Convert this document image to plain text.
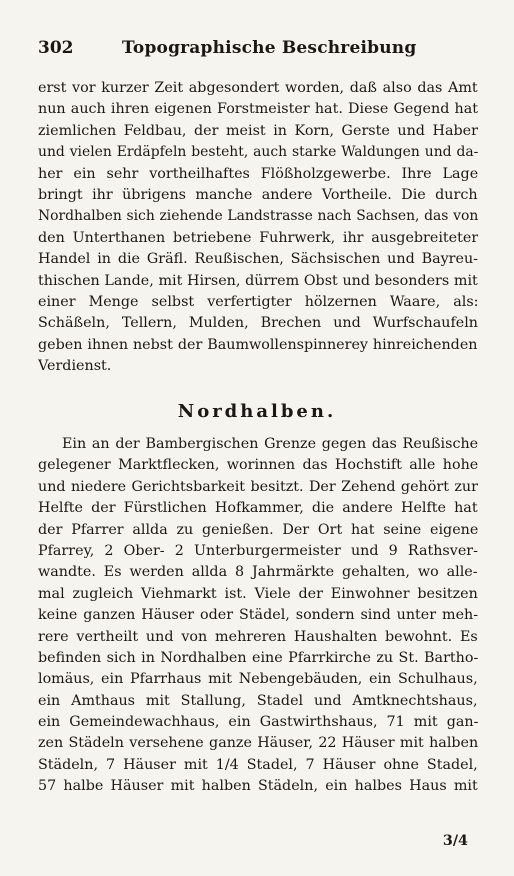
302	Topographische Beschreibung
erst vor kurzer Zeit abgesondert worden, daß also das Amt
nun auch ihren eigenen Forstmeister hat. Diese Gegend hat
ziemlichen Feldbau, der meist in Korn, Gerste und Haber
und vielen Erdäpfeln besteht, auch starke Waldungen und da-
her ein sehr vortheilhaftes Flößholzgewerbe. Ihre Lage
bringt ihr übrigens manche andere Vortheile. Die durch
Nordhalben sich ziehende Landstrasse nach Sachsen, das von
den Unterthanen betriebene Fuhrwerk, ihr ausgebreiteter
Handel in die Gräfl. Reußischen, Sächsischen und Bayreu-
thischen Lande, mit Hirsen, dürrem Obst und besonders mit
einer Menge selbst verfertigter hölzernen Waare, als:
Schäßeln, Tellern, Mulden, Brechen und Wurfschaufeln
geben ihnen nebst der Baumwollenspinnerey hinreichenden
Verdienst.
Nordhalben.
Ein an der Bambergischen Grenze gegen das Reußische
gelegener Marktflecken, worinnen das Hochstift alle hohe
und niedere Gerichtsbarkeit besitzt. Der Zehend gehört zur
Helfte der Fürstlichen Hofkammer, die andere Helfte hat
der Pfarrer allda zu genießen. Der Ort hat seine eigene
Pfarrey, 2 Ober- 2 Unterburgermeister und 9 Rathsver-
wandte. Es werden allda 8 Jahrmärkte gehalten, wo alle-
mal zugleich Viehmarkt ist. Viele der Einwohner besitzen
keine ganzen Häuser oder Städel, sondern sind unter meh-
rere vertheilt und von mehreren Haushalten bewohnt. Es
befinden sich in Nordhalben eine Pfarrkirche zu St. Bartho-
lomäus, ein Pfarrhaus mit Nebengebäuden, ein Schulhaus,
ein Amthaus mit Stallung, Stadel und Amtknechtshaus,
ein Gemeindewachhaus, ein Gastwirthshaus, 71 mit gan-
zen Städeln versehene ganze Häuser, 22 Häuser mit halben
Städeln, 7 Häuser mit 1/4 Stadel, 7 Häuser ohne Stadel,
57 halbe Häuser mit halben Städeln, ein halbes Haus mit
3/4
